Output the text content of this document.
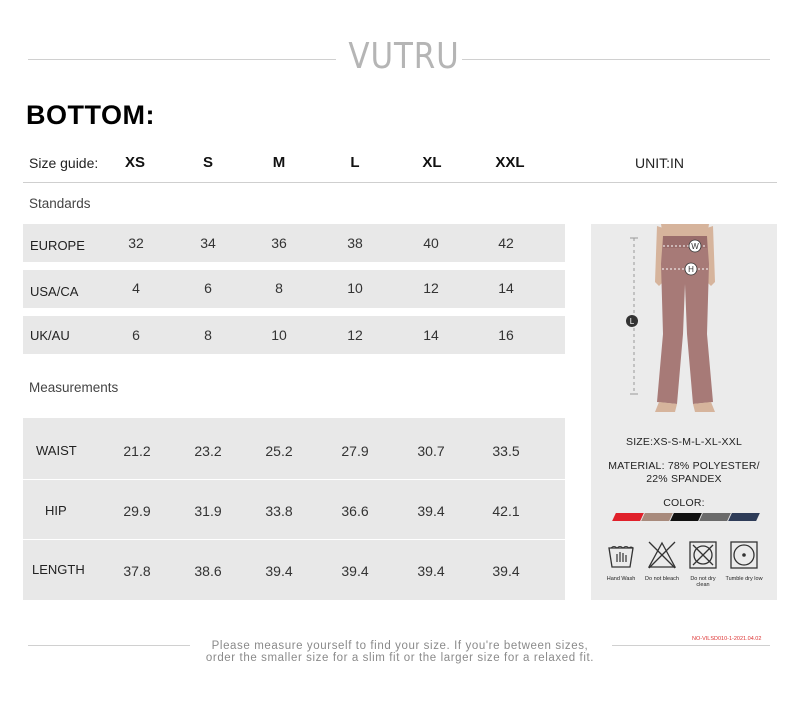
VUTRU
BOTTOM:
Size guide:	XS	S	M	L	XL	XXL	UNIT:IN
Standards
EUROPE	32	34	36	38	40	42
USA/CA	4	6	8	10	12	14
UK/AU	6	8	10	12	14	16
Measurements
WAIST	21.2	23.2	25.2	27.9	30.7	33.5
HIP	29.9	31.9	33.8	36.6	39.4	42.1
LENGTH	37.8	38.6	39.4	39.4	39.4	39.4
W
H
L
SIZE:XS-S-M-L-XL-XXL
MATERIAL: 78% POLYESTER/
22% SPANDEX
COLOR:
Hand Wash	Do not bleach	Do not dry clean
Tumble dry low
Please measure yourself to find your size. If you're between sizes,
order the smaller size for a slim fit or the larger size for a relaxed fit.
NO-VILSD010-1-2021.04.02
